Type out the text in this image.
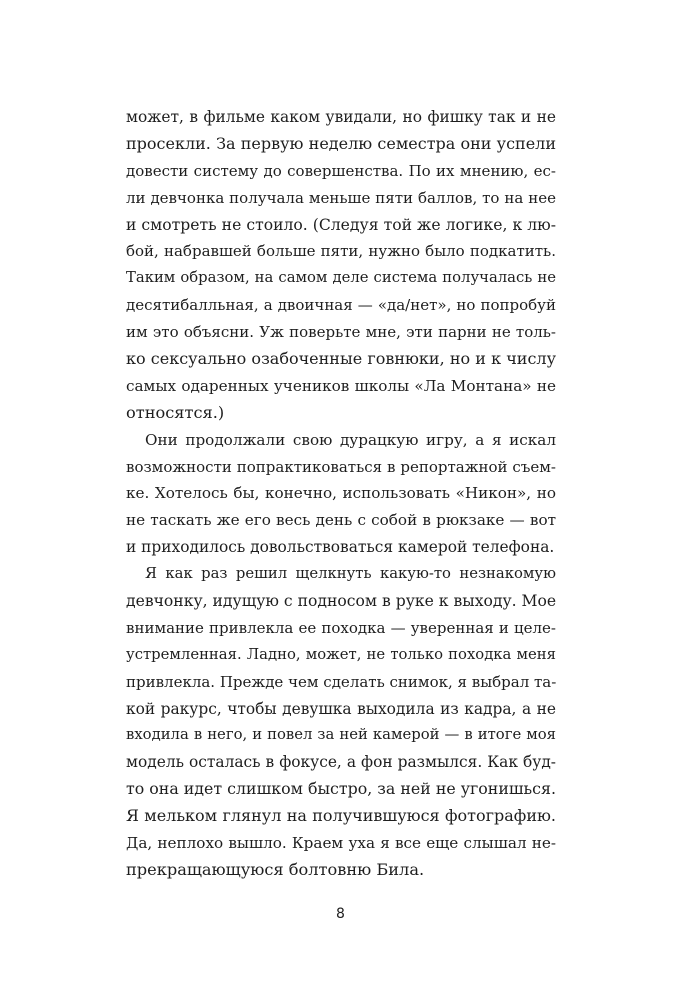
может, в фильме каком увидали, но фишку так и не
просекли. За первую неделю семестра они успели
довести систему до совершенства. По их мнению, ес-
ли девчонка получала меньше пяти баллов, то на нее
и смотреть не стоило. (Следуя той же логике, к лю-
бой, набравшей больше пяти, нужно было подкатить.
Таким образом, на самом деле система получалась не
десятибалльная, а двоичная — «да/нет», но попробуй
им это объясни. Уж поверьте мне, эти парни не толь-
ко сексуально озабоченные говнюки, но и к числу
самых одаренных учеников школы «Ла Монтана» не
относятся.)
Они продолжали свою дурацкую игру, а я искал
возможности попрактиковаться в репортажной съем-
ке. Хотелось бы, конечно, использовать «Никон», но
не таскать же его весь день с собой в рюкзаке — вот
и приходилось довольствоваться камерой телефона.
Я как раз решил щелкнуть какую-то незнакомую
девчонку, идущую с подносом в руке к выходу. Мое
внимание привлекла ее походка — уверенная и целе-
устремленная. Ладно, может, не только походка меня
привлекла. Прежде чем сделать снимок, я выбрал та-
кой ракурс, чтобы девушка выходила из кадра, а не
входила в него, и повел за ней камерой — в итоге моя
модель осталась в фокусе, а фон размылся. Как буд-
то она идет слишком быстро, за ней не угонишься.
Я мельком глянул на получившуюся фотографию.
Да, неплохо вышло. Краем уха я все еще слышал не-
прекращающуюся болтовню Била.
8
